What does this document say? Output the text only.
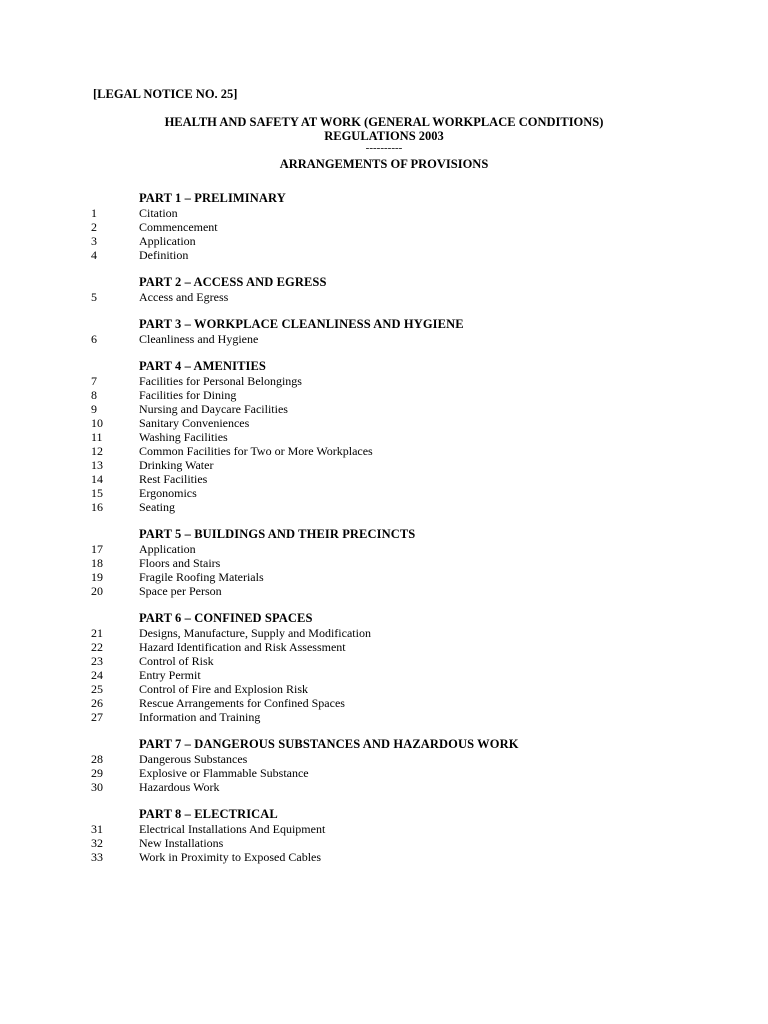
[LEGAL NOTICE NO. 25]
HEALTH AND SAFETY AT WORK (GENERAL WORKPLACE CONDITIONS)
REGULATIONS 2003
----------
ARRANGEMENTS OF PROVISIONS
PART 1 – PRELIMINARY
1	Citation
2	Commencement
3	Application
4	Definition
PART 2 – ACCESS AND EGRESS
5	Access and Egress
PART 3 – WORKPLACE CLEANLINESS AND HYGIENE
6	Cleanliness and Hygiene
PART 4 – AMENITIES
7	Facilities for Personal Belongings
8	Facilities for Dining
9	Nursing and Daycare Facilities
10	Sanitary Conveniences
11	Washing Facilities
12	Common Facilities for Two or More Workplaces
13	Drinking Water
14	Rest Facilities
15	Ergonomics
16	Seating
PART 5 – BUILDINGS AND THEIR PRECINCTS
17	Application
18	Floors and Stairs
19	Fragile Roofing Materials
20	Space per Person
PART 6 – CONFINED SPACES
21	Designs, Manufacture, Supply and Modification
22	Hazard Identification and Risk Assessment
23	Control of Risk
24	Entry Permit
25	Control of Fire and Explosion Risk
26	Rescue Arrangements for Confined Spaces
27	Information and Training
PART 7 – DANGEROUS SUBSTANCES AND HAZARDOUS WORK
28	Dangerous Substances
29	Explosive or Flammable Substance
30	Hazardous Work
PART 8 – ELECTRICAL
31	Electrical Installations And Equipment
32	New Installations
33	Work in Proximity to Exposed Cables
